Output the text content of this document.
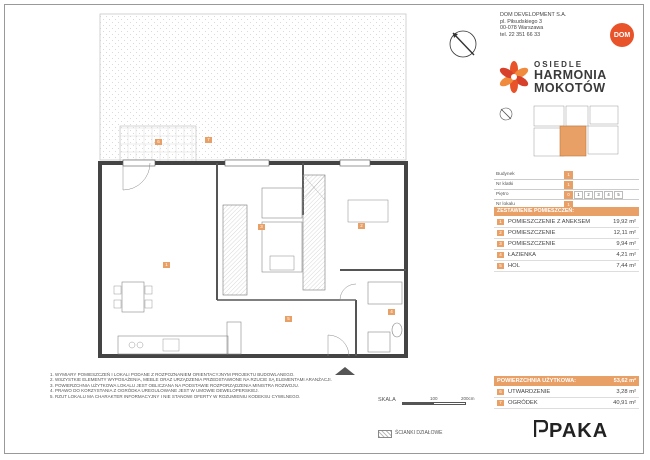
1
2
3
4
5
6	7
1. WYMIARY POMIESZCZEŃ I LOKALI PODANE Z ROZPOZNANIEM ORIENTACYJNYM PROJEKTU BUDOWLANEGO.
2. WSZYSTKIE ELEMENTY WYPOSAŻENIA, MEBLE ORAZ URZĄDZENIA PRZEDSTAWIONE NA RZUCIE SĄ ELEMENTAMI ARANŻACJI.
3. POWIERZCHNIA UŻYTKOWA LOKALU JEST OBLICZANA NA PODSTAWIE ROZPORZĄDZENIA MINISTRA ROZWOJU.
4. PRAWO DO KORZYSTANIA Z OGRÓDKA UREGULOWANE JEST W UMOWIE DEWELOPERSKIEJ.
5. RZUT LOKALU MA CHARAKTER INFORMACYJNY I NIE STANOWI OFERTY W ROZUMIENIU KODEKSU CYWILNEGO.
SKALA	100	200cm
ŚCIANKI DZIAŁOWE
DOM DEVELOPMENT S.A.
pl. Piłsudskiego 3
00-078 Warszawa
tel. 22 351 66 33	DOM
OSIEDLE
HARMONIA
MOKOTÓW
Budynek	1
Nr klatki	1
Piętro	0	1	2	3	4	5
Nr lokalu	1
ZESTAWIENIE POMIESZCZEŃ:
1	POMIESZCZENIE Z ANEKSEM	19,92 m²
2	POMIESZCZENIE	12,11 m²
3	POMIESZCZENIE	9,94 m²
4	ŁAZIENKA	4,21 m²
5	HOL	7,44 m²
POWIERZCHNIA UŻYTKOWA:	53,62 m²
6	UTWARDZENIE	3,28 m²
7	OGRÓDEK	40,91 m²
PAKA
